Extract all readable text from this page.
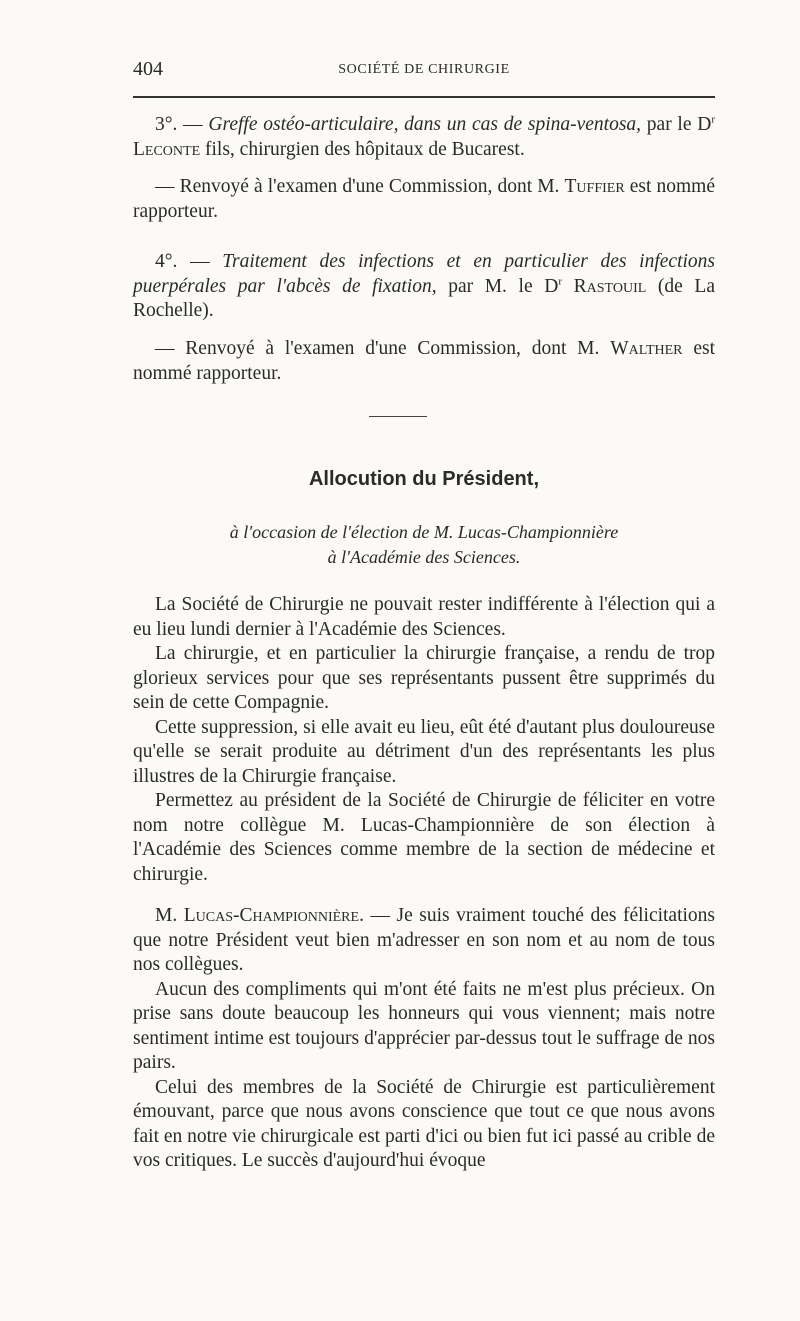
404	SOCIÉTÉ DE CHIRURGIE

3°. — Greffe ostéo-articulaire, dans un cas de spina-ventosa, par le $D^r$ Leconte fils, chirurgien des hôpitaux de Bucarest.

— Renvoyé à l'examen d'une Commission, dont M. Tuffier est nommé rapporteur.

4°. — Traitement des infections et en particulier des infections puerpérales par l'abcès de fixation, par M. le $D^r$ Rastouil (de La Rochelle).

— Renvoyé à l'examen d'une Commission, dont M. Walther est nommé rapporteur.

Allocution du Président,
à l'occasion de l'élection de M. Lucas-Championnière
à l'Académie des Sciences.

La Société de Chirurgie ne pouvait rester indifférente à l'élection qui a eu lieu lundi dernier à l'Académie des Sciences.

La chirurgie, et en particulier la chirurgie française, a rendu de trop glorieux services pour que ses représentants pussent être supprimés du sein de cette Compagnie.

Cette suppression, si elle avait eu lieu, eût été d'autant plus douloureuse qu'elle se serait produite au détriment d'un des représentants les plus illustres de la Chirurgie française.

Permettez au président de la Société de Chirurgie de féliciter en votre nom notre collègue M. Lucas-Championnière de son élection à l'Académie des Sciences comme membre de la section de médecine et chirurgie.

M. Lucas-Championnière. — Je suis vraiment touché des félicitations que notre Président veut bien m'adresser en son nom et au nom de tous nos collègues.

Aucun des compliments qui m'ont été faits ne m'est plus précieux. On prise sans doute beaucoup les honneurs qui vous viennent; mais notre sentiment intime est toujours d'apprécier par-dessus tout le suffrage de nos pairs.

Celui des membres de la Société de Chirurgie est particulièrement émouvant, parce que nous avons conscience que tout ce que nous avons fait en notre vie chirurgicale est parti d'ici ou bien fut ici passé au crible de vos critiques. Le succès d'aujourd'hui évoque
